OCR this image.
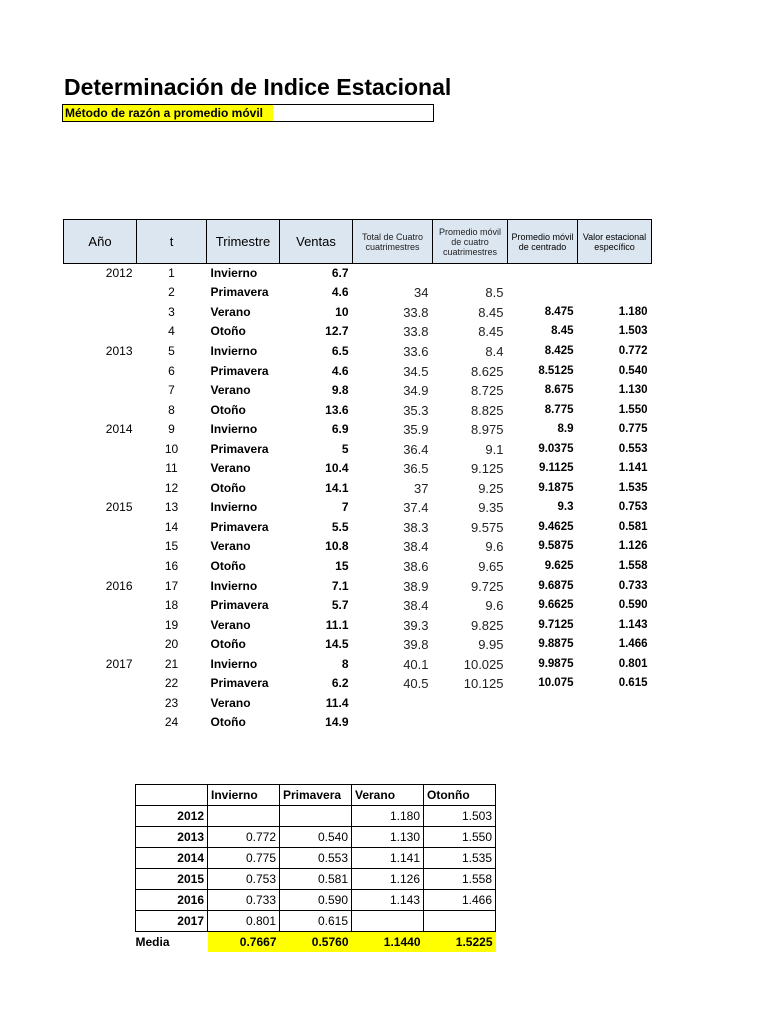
Determinación de Indice Estacional
Método de razón a promedio móvil
Año	t	Trimestre	Ventas	Total de Cuatro cuatrimestres	Promedio móvil de cuatro cuatrimestres	Promedio móvil de centrado	Valor estacional específico
2012	1	Invierno	6.7				
	2	Primavera	4.6	34	8.5		
	3	Verano	10	33.8	8.45	8.475	1.180
	4	Otoño	12.7	33.8	8.45	8.45	1.503
2013	5	Invierno	6.5	33.6	8.4	8.425	0.772
	6	Primavera	4.6	34.5	8.625	8.5125	0.540
	7	Verano	9.8	34.9	8.725	8.675	1.130
	8	Otoño	13.6	35.3	8.825	8.775	1.550
2014	9	Invierno	6.9	35.9	8.975	8.9	0.775
	10	Primavera	5	36.4	9.1	9.0375	0.553
	11	Verano	10.4	36.5	9.125	9.1125	1.141
	12	Otoño	14.1	37	9.25	9.1875	1.535
2015	13	Invierno	7	37.4	9.35	9.3	0.753
	14	Primavera	5.5	38.3	9.575	9.4625	0.581
	15	Verano	10.8	38.4	9.6	9.5875	1.126
	16	Otoño	15	38.6	9.65	9.625	1.558
2016	17	Invierno	7.1	38.9	9.725	9.6875	0.733
	18	Primavera	5.7	38.4	9.6	9.6625	0.590
	19	Verano	11.1	39.3	9.825	9.7125	1.143
	20	Otoño	14.5	39.8	9.95	9.8875	1.466
2017	21	Invierno	8	40.1	10.025	9.9875	0.801
	22	Primavera	6.2	40.5	10.125	10.075	0.615
	23	Verano	11.4				
	24	Otoño	14.9				
	Invierno	Primavera	Verano	Otonño
2012			1.180	1.503
2013	0.772	0.540	1.130	1.550
2014	0.775	0.553	1.141	1.535
2015	0.753	0.581	1.126	1.558
2016	0.733	0.590	1.143	1.466
2017	0.801	0.615		
Media	0.7667	0.5760	1.1440	1.5225
